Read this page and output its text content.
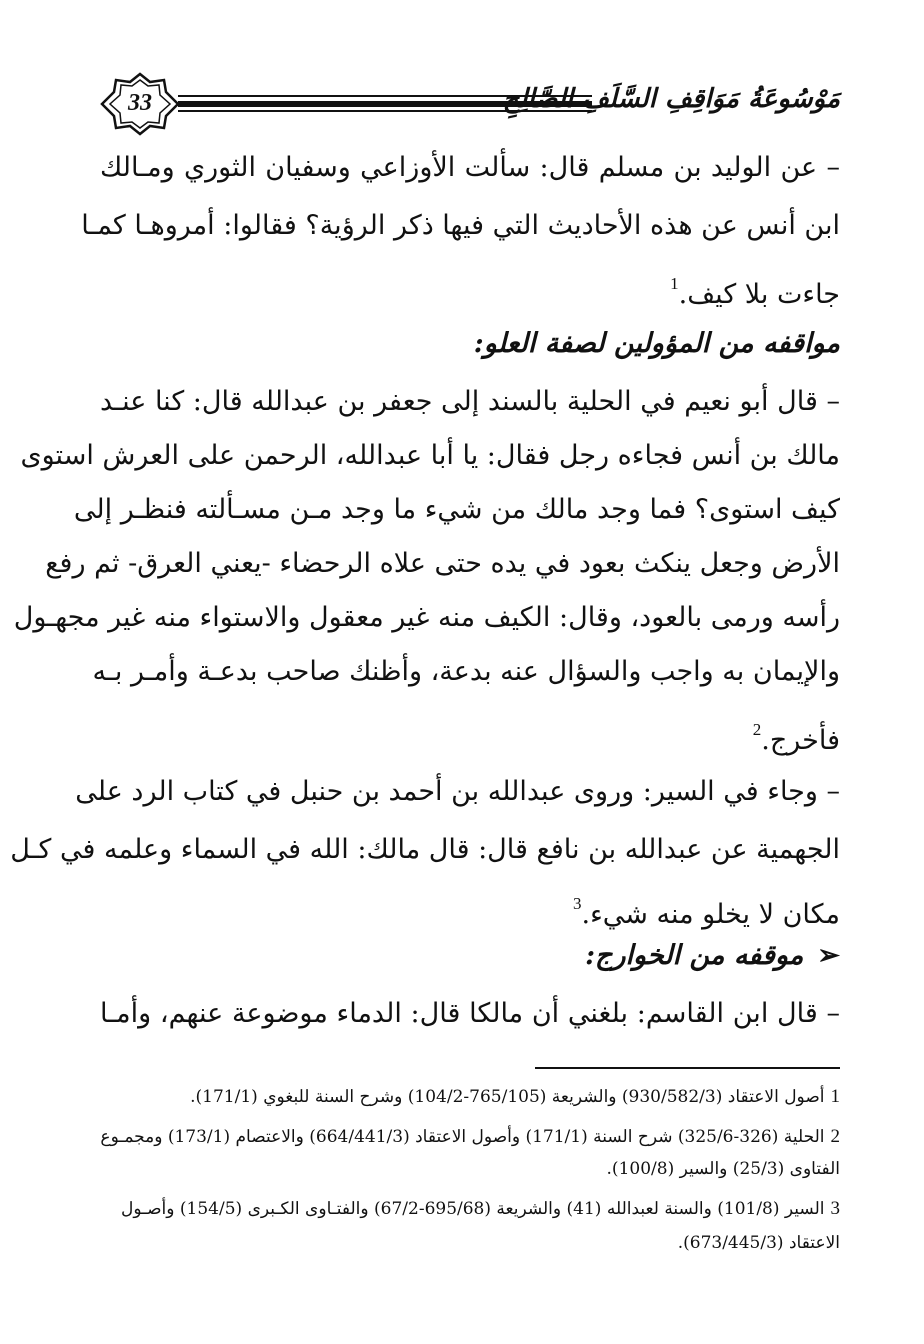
33	مَوْسُوعَةُ مَوَاقِفِ السَّلَفِ الصَّالِحِ
– عن الوليد بن مسلم قال: سألت الأوزاعي وسفيان الثوري ومـالك
ابن أنس عن هذه الأحاديث التي فيها ذكر الرؤية؟ فقالوا: أمروهـا كمـا
جاءت بلا كيف.$^1$
مواقفه من المؤولين لصفة العلو:
– قال أبو نعيم في الحلية بالسند إلى جعفر بن عبدالله قال: كنا عنـد
مالك بن أنس فجاءه رجل فقال: يا أبا عبدالله، الرحمن على العرش استوى
كيف استوى؟ فما وجد مالك من شيء ما وجد مـن مسـألته فنظـر إلى
الأرض وجعل ينكث بعود في يده حتى علاه الرحضاء -يعني العرق- ثم رفع
رأسه ورمى بالعود، وقال: الكيف منه غير معقول والاستواء منه غير مجهـول
والإيمان به واجب والسؤال عنه بدعة، وأظنك صاحب بدعـة وأمـر بـه
فأخرج.$^2$
– وجاء في السير: وروى عبدالله بن أحمد بن حنبل في كتاب الرد على
الجهمية عن عبدالله بن نافع قال: قال مالك: الله في السماء وعلمه في كـل
مكان لا يخلو منه شيء.$^3$
➢موقفه من الخوارج:
– قال ابن القاسم: بلغني أن مالكا قال: الدماء موضوعة عنهم، وأمـا
1أصول الاعتقاد (930/582/3) والشريعة (765/105-104/2) وشرح السنة للبغوي (171/1).
2الحلية (326-325/6) شرح السنة (171/1) وأصول الاعتقاد (664/441/3) والاعتصام (173/1) ومجمـوع
الفتاوى (25/3) والسير (100/8).
3السير (101/8) والسنة لعبدالله (41) والشريعة (695/68-67/2) والفتـاوى الكـبرى (154/5) وأصـول
الاعتقاد (673/445/3).
